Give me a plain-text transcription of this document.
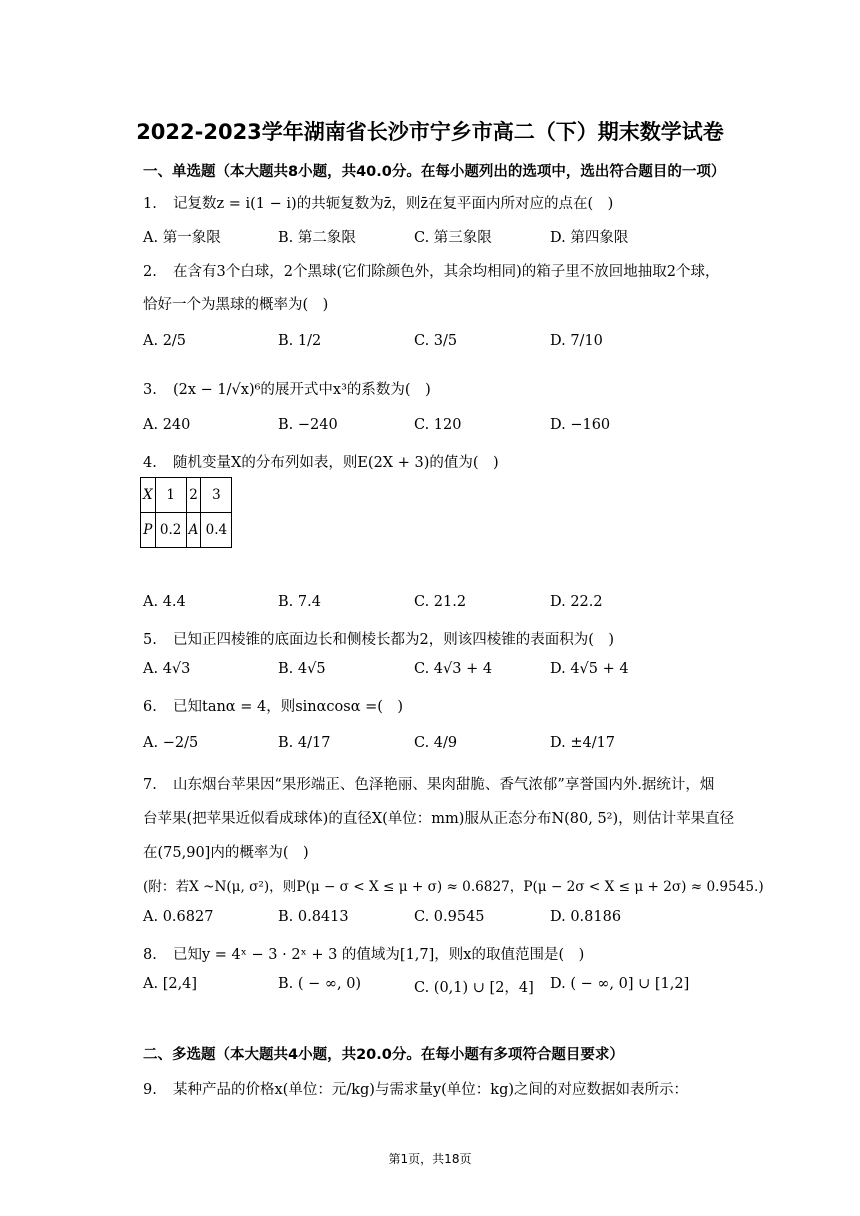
2022-2023学年湖南省长沙市宁乡市高二（下）期末数学试卷
一、单选题（本大题共8小题，共40.0分。在每小题列出的选项中，选出符合题目的一项）
1. 记复数z = i(1 − i)的共轭复数为z̄，则z̄在复平面内所对应的点在(　)
A. 第一象限	B. 第二象限	C. 第三象限	D. 第四象限
2. 在含有3个白球，2个黑球(它们除颜色外，其余均相同)的箱子里不放回地抽取2个球，
恰好一个为黑球的概率为(　)
A. 2/5	B. 1/2	C. 3/5	D. 7/10
3. (2x − 1/√x)⁶的展开式中x³的系数为(　)
A. 240	B. −240	C. 120	D. −160
4. 随机变量X的分布列如表，则E(2X + 3)的值为(　)
X	1	2	3
P	0.2	A	0.4
A. 4.4	B. 7.4	C. 21.2	D. 22.2
5. 已知正四棱锥的底面边长和侧棱长都为2，则该四棱锥的表面积为(　)
A. 4√3	B. 4√5	C. 4√3 + 4	D. 4√5 + 4
6. 已知tanα = 4，则sinαcosα =(　)
A. −2/5	B. 4/17	C. 4/9	D. ±4/17
7. 山东烟台苹果因“果形端正、色泽艳丽、果肉甜脆、香气浓郁”享誉国内外.据统计，烟
台苹果(把苹果近似看成球体)的直径X(单位：mm)服从正态分布N(80, 5²)，则估计苹果直径
在(75,90]内的概率为(　)
(附：若X ~N(μ, σ²)，则P(μ − σ < X ≤ μ + σ) ≈ 0.6827，P(μ − 2σ < X ≤ μ + 2σ) ≈ 0.9545.)
A. 0.6827	B. 0.8413	C. 0.9545	D. 0.8186
8. 已知y = 4ˣ − 3 · 2ˣ + 3 的值域为[1,7]，则x的取值范围是(　)
A. [2,4]	B. ( − ∞, 0)	C. (0,1) ∪ [2，4] D. ( − ∞, 0] ∪ [1,2]
二、多选题（本大题共4小题，共20.0分。在每小题有多项符合题目要求）
9. 某种产品的价格x(单位：元/kg)与需求量y(单位：kg)之间的对应数据如表所示：
第1页，共18页
